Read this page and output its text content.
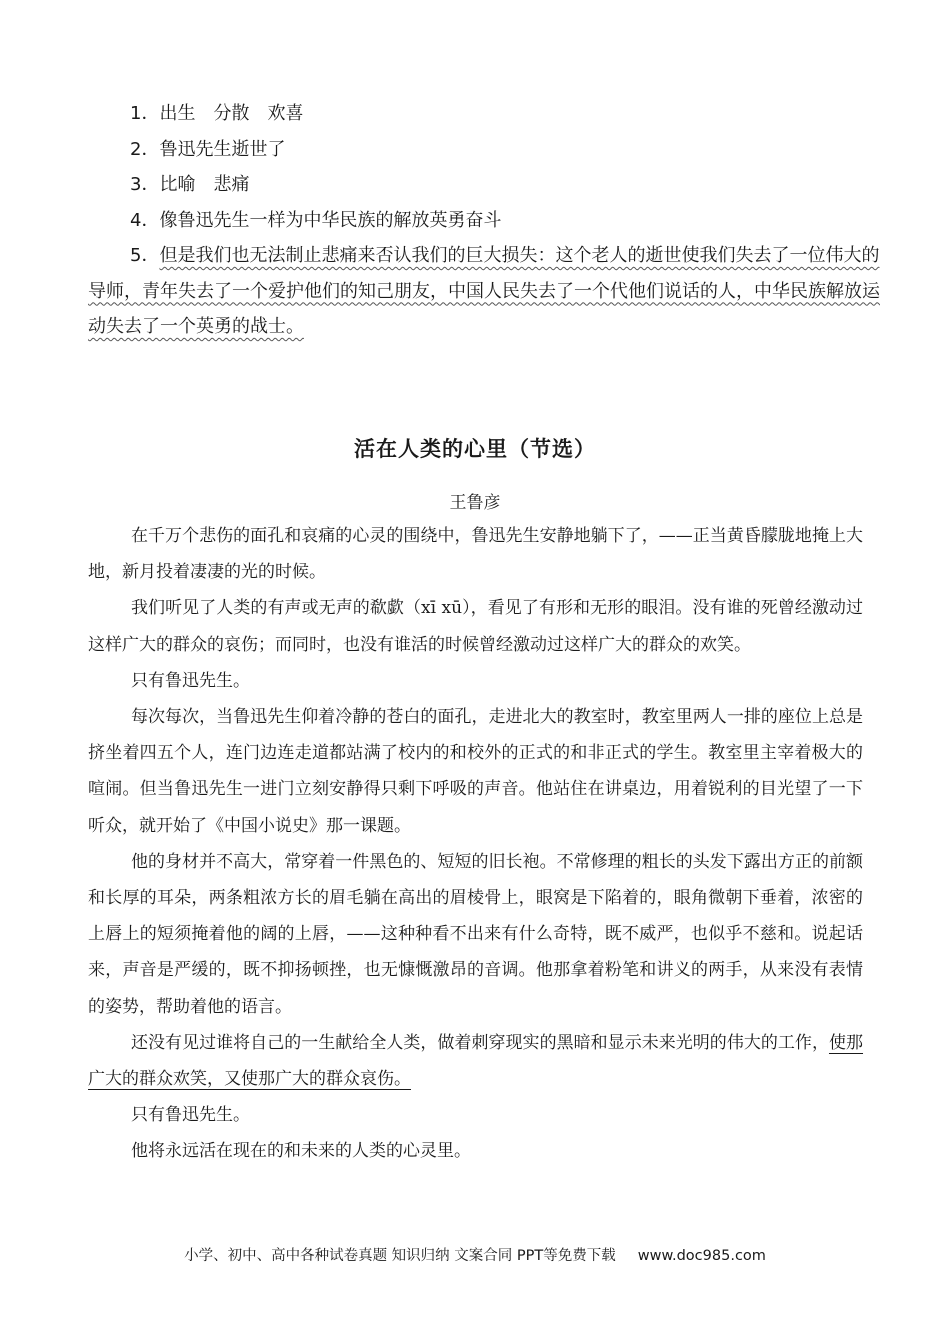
1．出生　分散　欢喜
2．鲁迅先生逝世了
3．比喻　悲痛
4．像鲁迅先生一样为中华民族的解放英勇奋斗
5．但是我们也无法制止悲痛来否认我们的巨大损失：这个老人的逝世使我们失去了一位伟大的导师，青年失去了一个爱护他们的知己朋友，中国人民失去了一个代他们说话的人，中华民族解放运动失去了一个英勇的战士。
活在人类的心里（节选）
王鲁彦

在千万个悲伤的面孔和哀痛的心灵的围绕中，鲁迅先生安静地躺下了，——正当黄昏朦胧地掩上大地，新月投着凄凄的光的时候。

我们听见了人类的有声或无声的欷歔（xī xū），看见了有形和无形的眼泪。没有谁的死曾经激动过这样广大的群众的哀伤；而同时，也没有谁活的时候曾经激动过这样广大的群众的欢笑。

只有鲁迅先生。

每次每次，当鲁迅先生仰着冷静的苍白的面孔，走进北大的教室时，教室里两人一排的座位上总是挤坐着四五个人，连门边连走道都站满了校内的和校外的正式的和非正式的学生。教室里主宰着极大的喧闹。但当鲁迅先生一进门立刻安静得只剩下呼吸的声音。他站住在讲桌边，用着锐利的目光望了一下听众，就开始了《中国小说史》那一课题。

他的身材并不高大，常穿着一件黑色的、短短的旧长袍。不常修理的粗长的头发下露出方正的前额和长厚的耳朵，两条粗浓方长的眉毛躺在高出的眉棱骨上，眼窝是下陷着的，眼角微朝下垂着，浓密的上唇上的短须掩着他的阔的上唇，——这种种看不出来有什么奇特，既不威严，也似乎不慈和。说起话来，声音是严缓的，既不抑扬顿挫，也无慷慨激昂的音调。他那拿着粉笔和讲义的两手，从来没有表情的姿势，帮助着他的语言。

还没有见过谁将自己的一生献给全人类，做着刺穿现实的黑暗和显示未来光明的伟大的工作，使那广大的群众欢笑，又使那广大的群众哀伤。

只有鲁迅先生。

他将永远活在现在的和未来的人类的心灵里。

小学、初中、高中各种试卷真题 知识归纳 文案合同 PPT等免费下载 www.doc985.com
